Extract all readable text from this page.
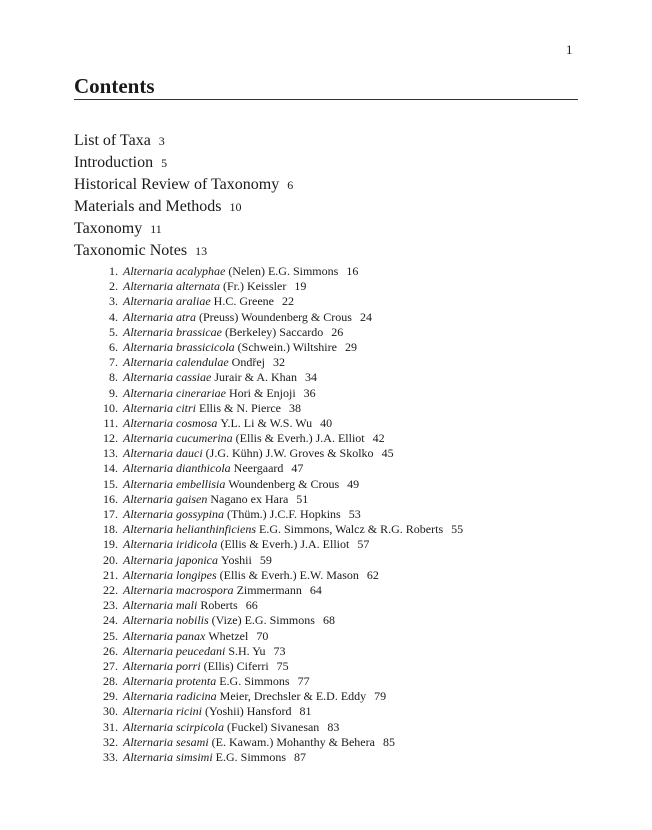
1
Contents
List of Taxa 3
Introduction 5
Historical Review of Taxonomy 6
Materials and Methods 10
Taxonomy 11
Taxonomic Notes 13
1. Alternaria acalyphae (Nelen) E.G. Simmons 16
2. Alternaria alternata (Fr.) Keissler 19
3. Alternaria araliae H.C. Greene 22
4. Alternaria atra (Preuss) Woundenberg & Crous 24
5. Alternaria brassicae (Berkeley) Saccardo 26
6. Alternaria brassicicola (Schwein.) Wiltshire 29
7. Alternaria calendulae Ondřej 32
8. Alternaria cassiae Jurair & A. Khan 34
9. Alternaria cinerariae Hori & Enjoji 36
10. Alternaria citri Ellis & N. Pierce 38
11. Alternaria cosmosa Y.L. Li & W.S. Wu 40
12. Alternaria cucumerina (Ellis & Everh.) J.A. Elliot 42
13. Alternaria dauci (J.G. Kühn) J.W. Groves & Skolko 45
14. Alternaria dianthicola Neergaard 47
15. Alternaria embellisia Woundenberg & Crous 49
16. Alternaria gaisen Nagano ex Hara 51
17. Alternaria gossypina (Thüm.) J.C.F. Hopkins 53
18. Alternaria helianthinficiens E.G. Simmons, Walcz & R.G. Roberts 55
19. Alternaria iridicola (Ellis & Everh.) J.A. Elliot 57
20. Alternaria japonica Yoshii 59
21. Alternaria longipes (Ellis & Everh.) E.W. Mason 62
22. Alternaria macrospora Zimmermann 64
23. Alternaria mali Roberts 66
24. Alternaria nobilis (Vize) E.G. Simmons 68
25. Alternaria panax Whetzel 70
26. Alternaria peucedani S.H. Yu 73
27. Alternaria porri (Ellis) Ciferri 75
28. Alternaria protenta E.G. Simmons 77
29. Alternaria radicina Meier, Drechsler & E.D. Eddy 79
30. Alternaria ricini (Yoshii) Hansford 81
31. Alternaria scirpicola (Fuckel) Sivanesan 83
32. Alternaria sesami (E. Kawam.) Mohanthy & Behera 85
33. Alternaria simsimi E.G. Simmons 87
